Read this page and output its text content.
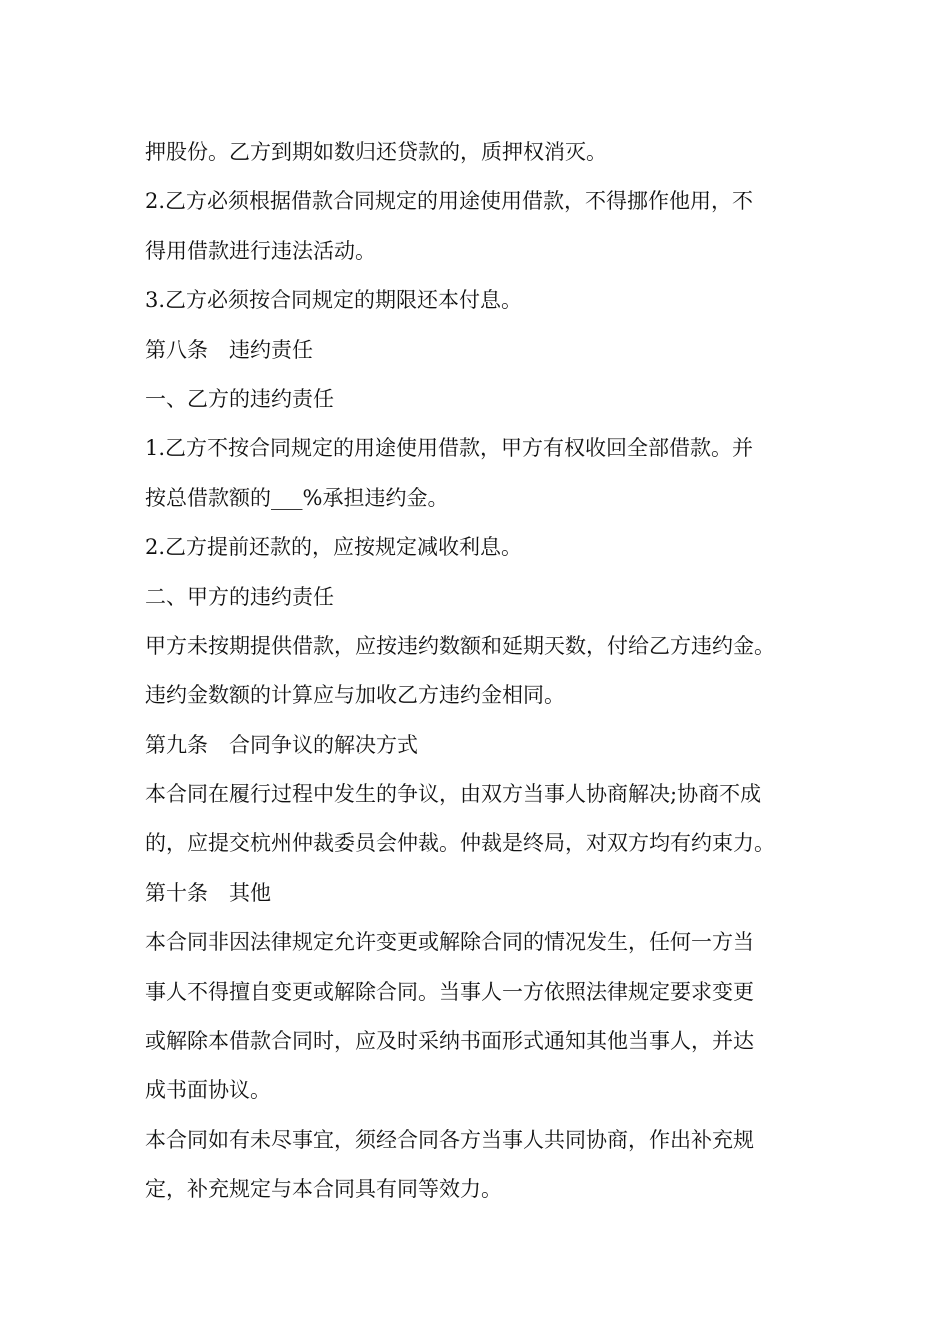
押股份。乙方到期如数归还贷款的，质押权消灭。
2.乙方必须根据借款合同规定的用途使用借款，不得挪作他用，不
得用借款进行违法活动。
3.乙方必须按合同规定的期限还本付息。
第八条　违约责任
一、乙方的违约责任
1.乙方不按合同规定的用途使用借款，甲方有权收回全部借款。并
按总借款额的___%承担违约金。
2.乙方提前还款的，应按规定减收利息。
二、甲方的违约责任
甲方未按期提供借款，应按违约数额和延期天数，付给乙方违约金。
违约金数额的计算应与加收乙方违约金相同。
第九条　合同争议的解决方式
本合同在履行过程中发生的争议，由双方当事人协商解决;协商不成
的，应提交杭州仲裁委员会仲裁。仲裁是终局，对双方均有约束力。
第十条　其他
本合同非因法律规定允许变更或解除合同的情况发生，任何一方当
事人不得擅自变更或解除合同。当事人一方依照法律规定要求变更
或解除本借款合同时，应及时采纳书面形式通知其他当事人，并达
成书面协议。
本合同如有未尽事宜，须经合同各方当事人共同协商，作出补充规
定，补充规定与本合同具有同等效力。
